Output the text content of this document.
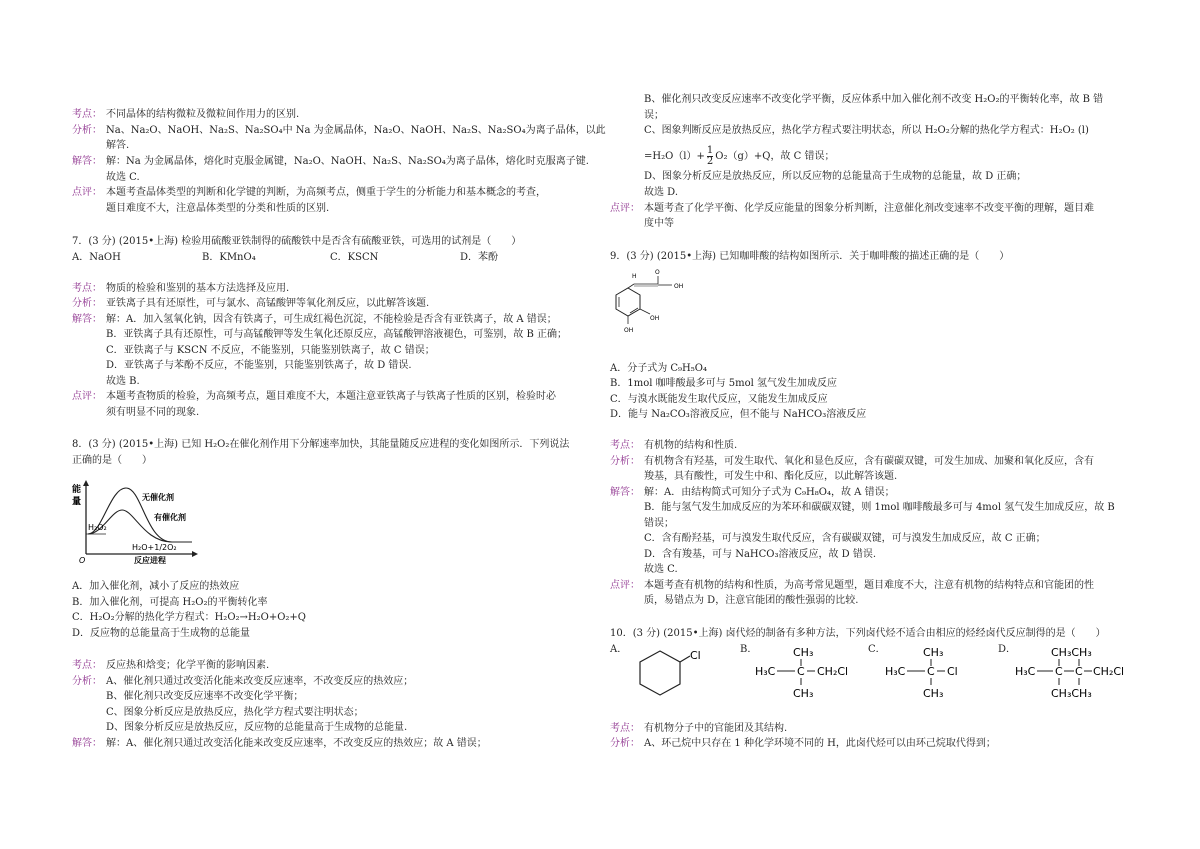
考点： 不同晶体的结构微粒及微粒间作用力的区别.
分析： Na、Na₂O、NaOH、Na₂S、Na₂SO₄中 Na 为金属晶体，Na₂O、NaOH、Na₂S、Na₂SO₄为离子晶体，以此
解答.
解答： 解：Na 为金属晶体，熔化时克服金属键，Na₂O、NaOH、Na₂S、Na₂SO₄为离子晶体，熔化时克服离子键.
故选 C.
点评： 本题考查晶体类型的判断和化学键的判断，为高频考点，侧重于学生的分析能力和基本概念的考查，
题目难度不大，注意晶体类型的分类和性质的区别.
7．(3 分) (2015•上海) 检验用硫酸亚铁制得的硫酸铁中是否含有硫酸亚铁，可选用的试剂是（　　）
A．NaOH	B．KMnO₄	C．KSCN	D．苯酚
考点： 物质的检验和鉴别的基本方法选择及应用.
分析： 亚铁离子具有还原性，可与氯水、高锰酸钾等氧化剂反应，以此解答该题.
解答： 解：A．加入氢氧化钠，因含有铁离子，可生成红褐色沉淀，不能检验是否含有亚铁离子，故 A 错误；
B．亚铁离子具有还原性，可与高锰酸钾等发生氧化还原反应，高锰酸钾溶液褪色，可鉴别，故 B 正确；
C．亚铁离子与 KSCN 不反应，不能鉴别，只能鉴别铁离子，故 C 错误；
D．亚铁离子与苯酚不反应，不能鉴别，只能鉴别铁离子，故 D 错误.
故选 B.
点评： 本题考查物质的检验，为高频考点，题目难度不大，本题注意亚铁离子与铁离子性质的区别，检验时必
须有明显不同的现象.
8．(3 分) (2015•上海) 已知 H₂O₂在催化剂作用下分解速率加快，其能量随反应进程的变化如图所示．下列说法
正确的是（　　）
能
量	无催化剂
有催化剂
H₂O₂
H₂O+1/2O₂
反应进程
O
A．加入催化剂，减小了反应的热效应
B．加入催化剂，可提高 H₂O₂的平衡转化率
C．H₂O₂分解的热化学方程式：H₂O₂→H₂O+O₂+Q
D．反应物的总能量高于生成物的总能量
考点： 反应热和焓变；化学平衡的影响因素.
分析： A、催化剂只通过改变活化能来改变反应速率，不改变反应的热效应；
B、催化剂只改变反应速率不改变化学平衡；
C、图象分析反应是放热反应，热化学方程式要注明状态；
D、图象分析反应是放热反应，反应物的总能量高于生成物的总能量.
解答： 解：A、催化剂只通过改变活化能来改变反应速率，不改变反应的热效应；故 A 错误；
B、催化剂只改变反应速率不改变化学平衡，反应体系中加入催化剂不改变 H₂O₂的平衡转化率，故 B 错
误；
C、图象判断反应是放热反应，热化学方程式要注明状态，所以 H₂O₂分解的热化学方程式：H₂O₂ (l)
$=H_2O(l)+ \frac{1}{2} O_2(g)+Q$，故 C 错误；
D、图象分析反应是放热反应，所以反应物的总能量高于生成物的总能量，故 D 正确；
故选 D.
点评： 本题考查了化学平衡、化学反应能量的图象分析判断，注意催化剂改变速率不改变平衡的理解，题目难
度中等
9．(3 分) (2015•上海) 已知咖啡酸的结构如图所示．关于咖啡酸的描述正确的是（　　）
H
O
OH
OH
OH
A．分子式为 C₉H₅O₄
B．1mol 咖啡酸最多可与 5mol 氢气发生加成反应
C．与溴水既能发生取代反应，又能发生加成反应
D．能与 Na₂CO₃溶液反应，但不能与 NaHCO₃溶液反应
考点： 有机物的结构和性质.
分析： 有机物含有羟基，可发生取代、氧化和显色反应，含有碳碳双键，可发生加成、加聚和氧化反应，含有
羧基，具有酸性，可发生中和、酯化反应，以此解答该题.
解答： 解：A．由结构简式可知分子式为 C₉H₈O₄，故 A 错误；
B．能与氢气发生加成反应的为苯环和碳碳双键，则 1mol 咖啡酸最多可与 4mol 氢气发生加成反应，故 B
错误；
C．含有酚羟基，可与溴发生取代反应，含有碳碳双键，可与溴发生加成反应，故 C 正确；
D．含有羧基，可与 NaHCO₃溶液反应，故 D 错误.
故选 C.
点评： 本题考查有机物的结构和性质，为高考常见题型，题目难度不大，注意有机物的结构特点和官能团的性
质，易错点为 D，注意官能团的酸性强弱的比较.
10．(3 分) (2015•上海) 卤代烃的制备有多种方法，下列卤代烃不适合由相应的烃经卤代反应制得的是（　　）
A．	B．	C．	D．
Cl	CH₃
H₃C C CH₂Cl
CH₃
CH₃
H₃C C Cl
CH₃
CH₃CH₃
H₃C C C CH₂Cl
CH₃CH₃
考点： 有机物分子中的官能团及其结构.
分析： A、环己烷中只存在 1 种化学环境不同的 H，此卤代烃可以由环己烷取代得到；
